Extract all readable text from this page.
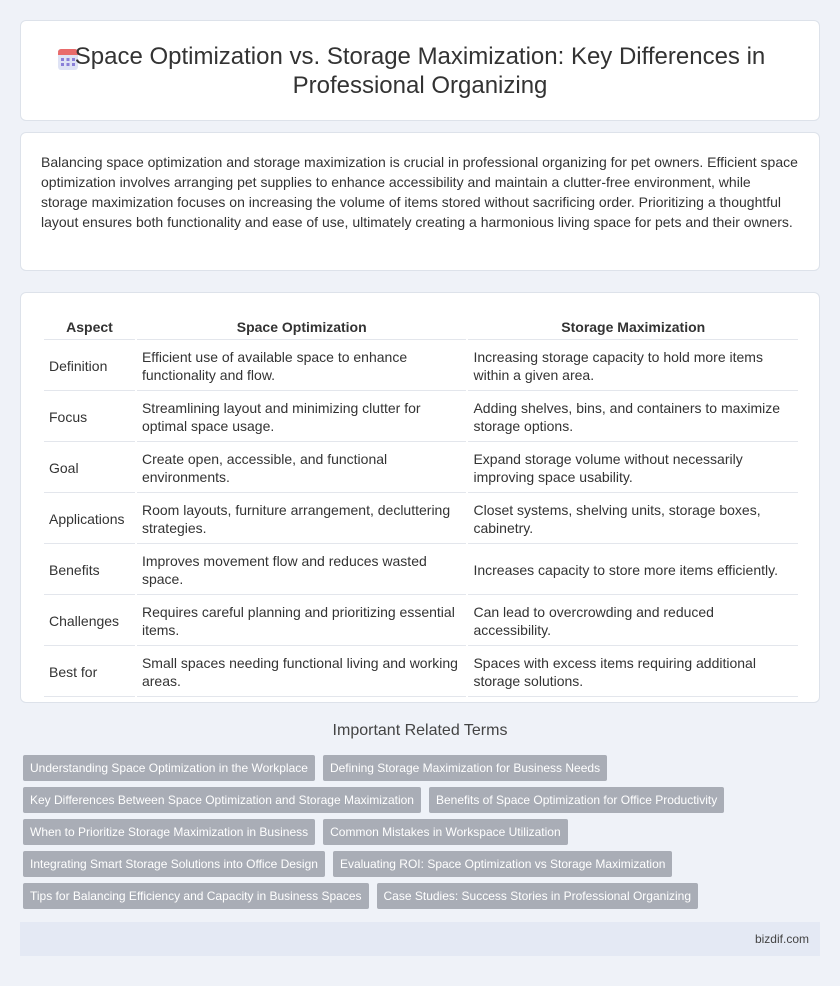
Space Optimization vs. Storage Maximization: Key Differences in Professional Organizing

Balancing space optimization and storage maximization is crucial in professional organizing for pet owners. Efficient space optimization involves arranging pet supplies to enhance accessibility and maintain a clutter-free environment, while storage maximization focuses on increasing the volume of items stored without sacrificing order. Prioritizing a thoughtful layout ensures both functionality and ease of use, ultimately creating a harmonious living space for pets and their owners.

Aspect	Space Optimization	Storage Maximization
Definition	Efficient use of available space to enhance functionality and flow.	Increasing storage capacity to hold more items within a given area.
Focus	Streamlining layout and minimizing clutter for optimal space usage.	Adding shelves, bins, and containers to maximize storage options.
Goal	Create open, accessible, and functional environments.	Expand storage volume without necessarily improving space usability.
Applications	Room layouts, furniture arrangement, decluttering strategies.	Closet systems, shelving units, storage boxes, cabinetry.
Benefits	Improves movement flow and reduces wasted space.	Increases capacity to store more items efficiently.
Challenges	Requires careful planning and prioritizing essential items.	Can lead to overcrowding and reduced accessibility.
Best for	Small spaces needing functional living and working areas.	Spaces with excess items requiring additional storage solutions.
Important Related Terms
Understanding Space Optimization in the Workplace	Defining Storage Maximization for Business Needs
Key Differences Between Space Optimization and Storage Maximization	Benefits of Space Optimization for Office Productivity
When to Prioritize Storage Maximization in Business	Common Mistakes in Workspace Utilization
Integrating Smart Storage Solutions into Office Design	Evaluating ROI: Space Optimization vs Storage Maximization
Tips for Balancing Efficiency and Capacity in Business Spaces	Case Studies: Success Stories in Professional Organizing
bizdif.com
